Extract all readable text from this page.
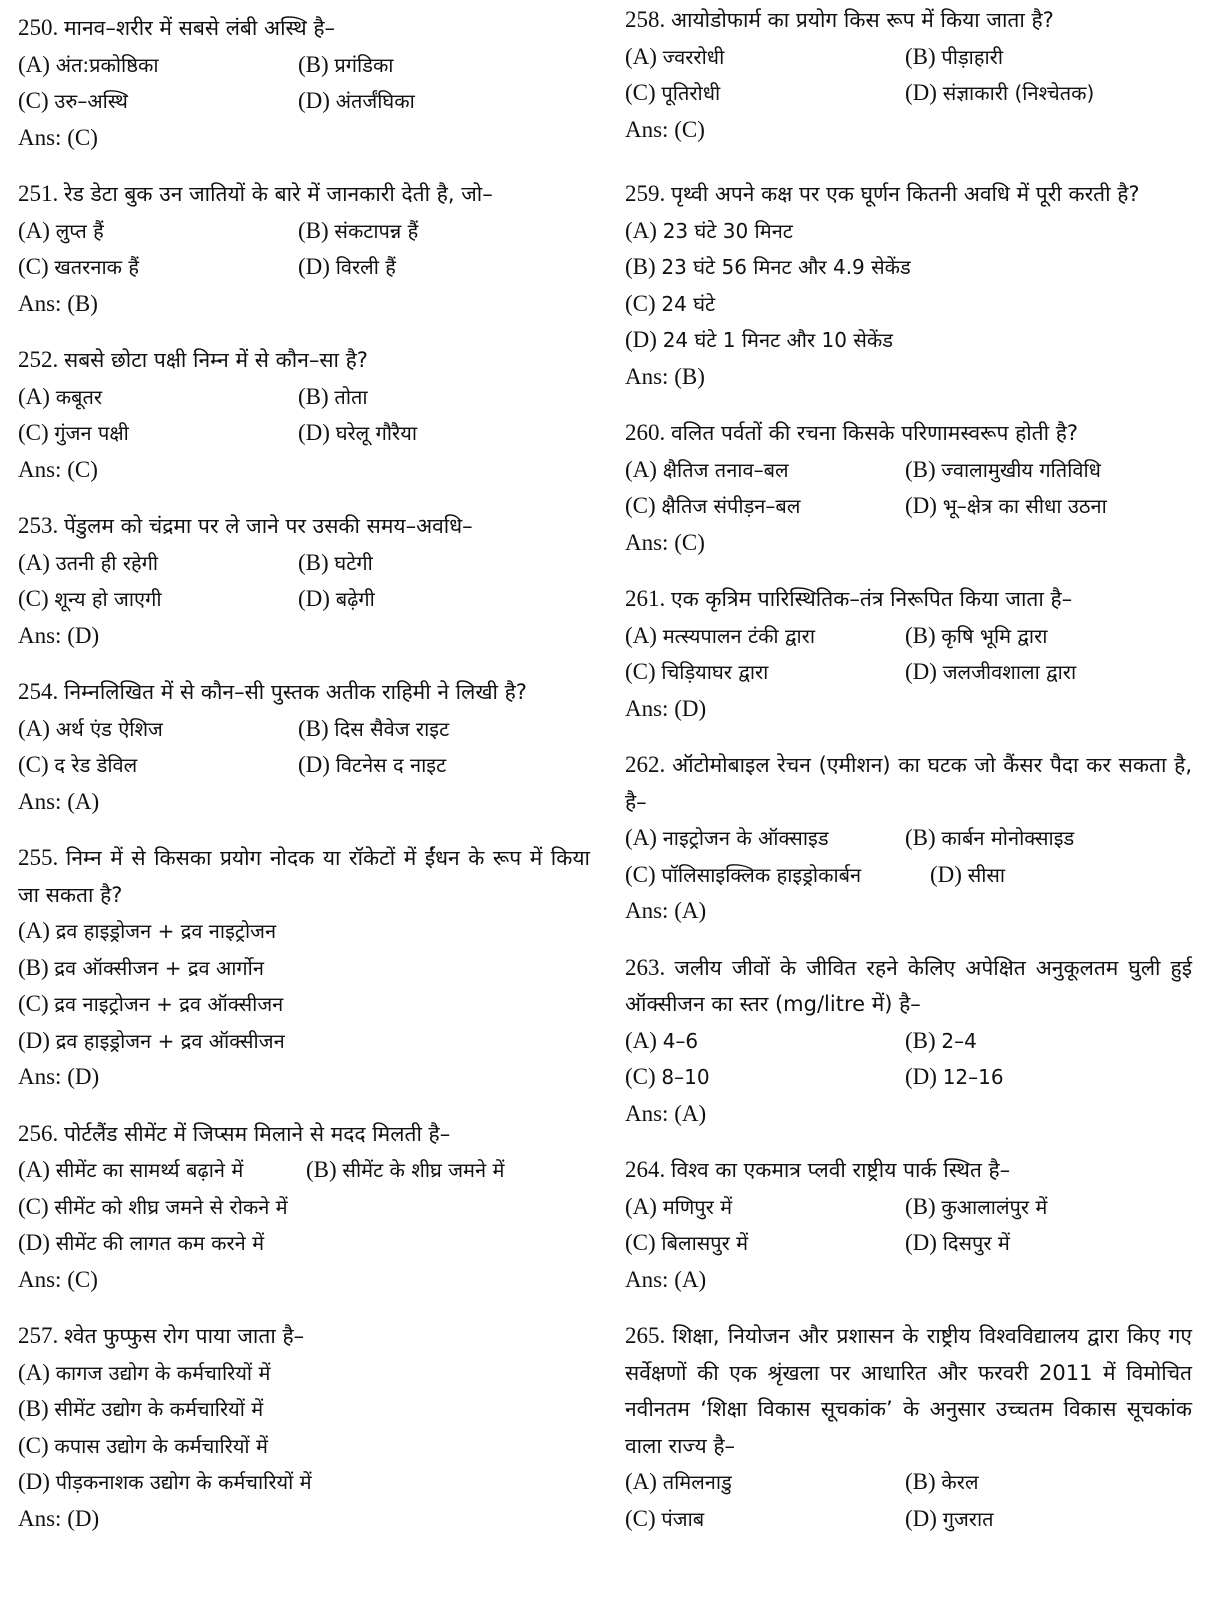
250. मानव–शरीर में सबसे लंबी अस्थि है–
(A) अंत:प्रकोष्ठिका	(B) प्रगंडिका
(C) उरु–अस्थि	(D) अंतर्जंघिका
Ans: (C)
251. रेड डेटा बुक उन जातियों के बारे में जानकारी देती है, जो–
(A) लुप्त हैं	(B) संकटापन्न हैं
(C) खतरनाक हैं	(D) विरली हैं
Ans: (B)
252. सबसे छोटा पक्षी निम्न में से कौन–सा है?
(A) कबूतर	(B) तोता
(C) गुंजन पक्षी	(D) घरेलू गौरैया
Ans: (C)
253. पेंडुलम को चंद्रमा पर ले जाने पर उसकी समय–अवधि–
(A) उतनी ही रहेगी	(B) घटेगी
(C) शून्य हो जाएगी	(D) बढ़ेगी
Ans: (D)
254. निम्नलिखित में से कौन–सी पुस्तक अतीक राहिमी ने लिखी है?
(A) अर्थ एंड ऐशिज	(B) दिस सैवेज राइट
(C) द रेड डेविल	(D) विटनेस द नाइट
Ans: (A)
255. निम्न में से किसका प्रयोग नोदक या रॉकेटों में ईंधन के रूप में किया जा सकता है?
(A) द्रव हाइड्रोजन + द्रव नाइट्रोजन
(B) द्रव ऑक्सीजन + द्रव आर्गोन
(C) द्रव नाइट्रोजन + द्रव ऑक्सीजन
(D) द्रव हाइड्रोजन + द्रव ऑक्सीजन
Ans: (D)
256. पोर्टलैंड सीमेंट में जिप्सम मिलाने से मदद मिलती है–
(A) सीमेंट का सामर्थ्य बढ़ाने में	(B) सीमेंट के शीघ्र जमने में
(C) सीमेंट को शीघ्र जमने से रोकने में
(D) सीमेंट की लागत कम करने में
Ans: (C)
257. श्वेत फुप्फुस रोग पाया जाता है–
(A) कागज उद्योग के कर्मचारियों में
(B) सीमेंट उद्योग के कर्मचारियों में
(C) कपास उद्योग के कर्मचारियों में
(D) पीड़कनाशक उद्योग के कर्मचारियों में
Ans: (D)
258. आयोडोफार्म का प्रयोग किस रूप में किया जाता है?
(A) ज्वररोधी	(B) पीड़ाहारी
(C) पूतिरोधी	(D) संज्ञाकारी (निश्चेतक)
Ans: (C)
259. पृथ्वी अपने कक्ष पर एक घूर्णन कितनी अवधि में पूरी करती है?
(A) 23 घंटे 30 मिनट
(B) 23 घंटे 56 मिनट और 4.9 सेकेंड
(C) 24 घंटे
(D) 24 घंटे 1 मिनट और 10 सेकेंड
Ans: (B)
260. वलित पर्वतों की रचना किसके परिणामस्वरूप होती है?
(A) क्षैतिज तनाव–बल	(B) ज्वालामुखीय गतिविधि
(C) क्षैतिज संपीड़न–बल	(D) भू–क्षेत्र का सीधा उठना
Ans: (C)
261. एक कृत्रिम पारिस्थितिक–तंत्र निरूपित किया जाता है–
(A) मत्स्यपालन टंकी द्वारा	(B) कृषि भूमि द्वारा
(C) चिड़ियाघर द्वारा	(D) जलजीवशाला द्वारा
Ans: (D)
262. ऑटोमोबाइल रेचन (एमीशन) का घटक जो कैंसर पैदा कर सकता है, है–
(A) नाइट्रोजन के ऑक्साइड	(B) कार्बन मोनोक्साइड
(C) पॉलिसाइक्लिक हाइड्रोकार्बन	(D) सीसा
Ans: (A)
263. जलीय जीवों के जीवित रहने केलिए अपेक्षित अनुकूलतम घुली हुई ऑक्सीजन का स्तर (mg/litre में) है–
(A) 4–6	(B) 2–4
(C) 8–10	(D) 12–16
Ans: (A)
264. विश्व का एकमात्र प्लवी राष्ट्रीय पार्क स्थित है–
(A) मणिपुर में	(B) कुआलालंपुर में
(C) बिलासपुर में	(D) दिसपुर में
Ans: (A)
265. शिक्षा, नियोजन और प्रशासन के राष्ट्रीय विश्वविद्यालय द्वारा किए गए सर्वेक्षणों की एक श्रृंखला पर आधारित और फरवरी 2011 में विमोचित नवीनतम ‘शिक्षा विकास सूचकांक’ के अनुसार उच्चतम विकास सूचकांक वाला राज्य है–
(A) तमिलनाडु	(B) केरल
(C) पंजाब	(D) गुजरात
